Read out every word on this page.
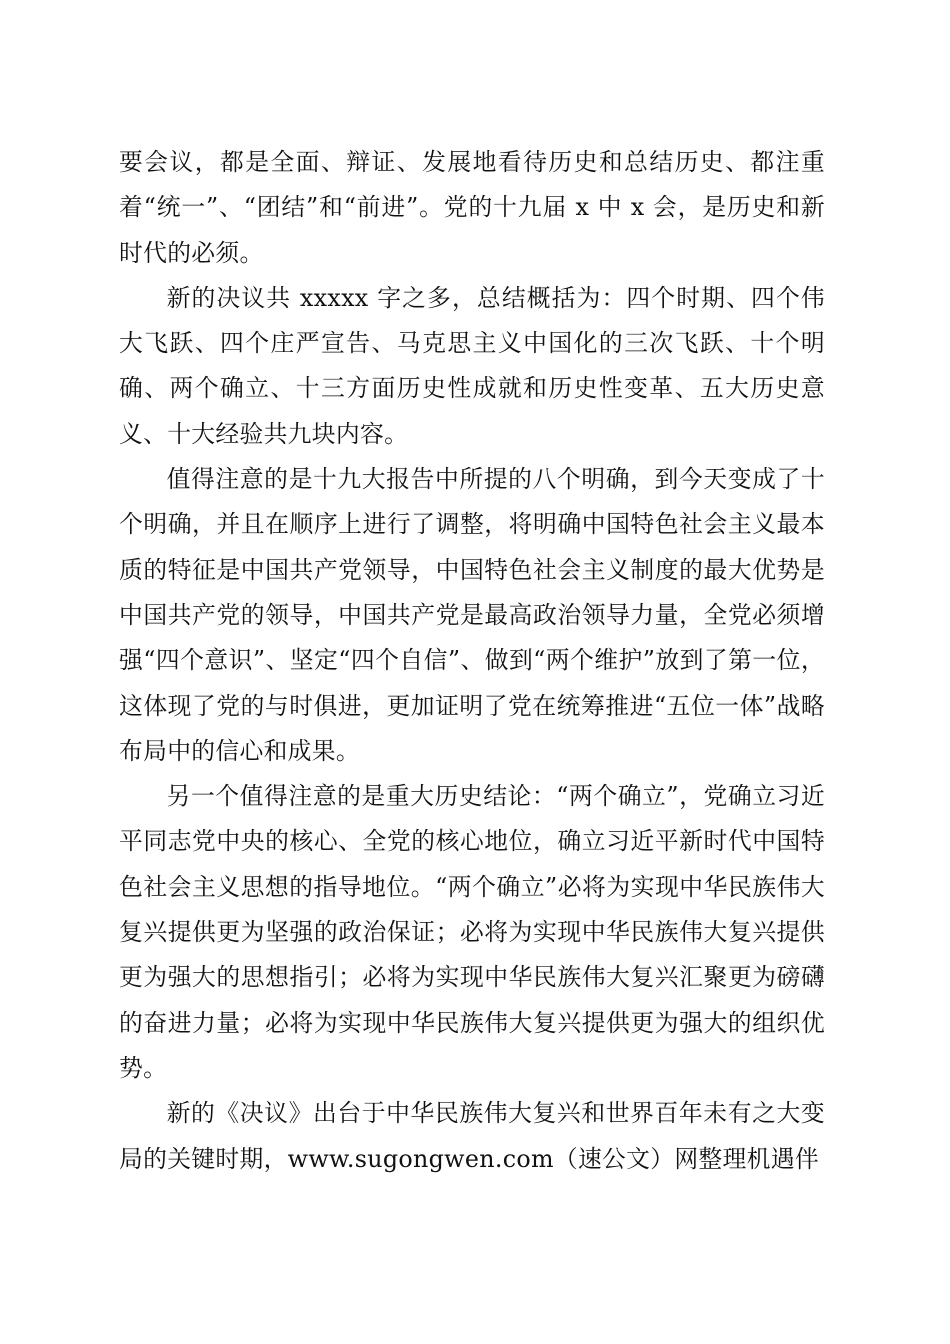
要会议，都是全面、辩证、发展地看待历史和总结历史、都注重着“统一”、“团结”和“前进”。党的十九届 x 中 x 会，是历史和新时代的必须。

新的决议共 xxxxx 字之多，总结概括为：四个时期、四个伟大飞跃、四个庄严宣告、马克思主义中国化的三次飞跃、十个明确、两个确立、十三方面历史性成就和历史性变革、五大历史意义、十大经验共九块内容。

值得注意的是十九大报告中所提的八个明确，到今天变成了十个明确，并且在顺序上进行了调整，将明确中国特色社会主义最本质的特征是中国共产党领导，中国特色社会主义制度的最大优势是中国共产党的领导，中国共产党是最高政治领导力量，全党必须增强“四个意识”、坚定“四个自信”、做到“两个维护”放到了第一位，这体现了党的与时俱进，更加证明了党在统筹推进“五位一体”战略布局中的信心和成果。

另一个值得注意的是重大历史结论：“两个确立”，党确立习近平同志党中央的核心、全党的核心地位，确立习近平新时代中国特色社会主义思想的指导地位。“两个确立”必将为实现中华民族伟大复兴提供更为坚强的政治保证；必将为实现中华民族伟大复兴提供更为强大的思想指引；必将为实现中华民族伟大复兴汇聚更为磅礴的奋进力量；必将为实现中华民族伟大复兴提供更为强大的组织优势。

新的《决议》出台于中华民族伟大复兴和世界百年未有之大变局的关键时期，www.sugongwen.com（速公文）网整理机遇伴
